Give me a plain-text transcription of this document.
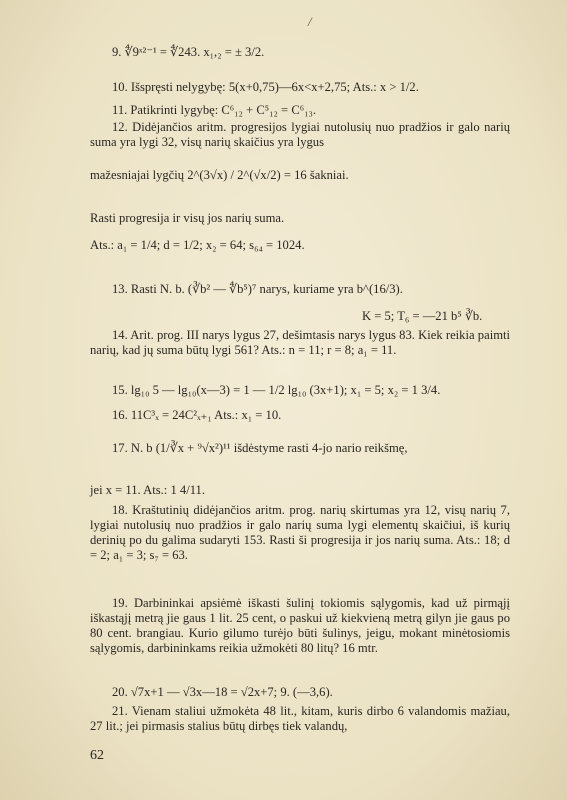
/
9. ∜9ˣ²⁻¹ = ∜243. x₁,₂ = ± 3/2.
10. Išspręsti nelygybę: 5(x+0,75)—6x<x+2,75; Ats.: x > 1/2.
11. Patikrinti lygybę: C⁶₁₂ + C⁵₁₂ = C⁶₁₃.
12. Didėjančios aritm. progresijos lygiai nutolusių nuo pradžios ir galo narių suma yra lygi 32, visų narių skaičius yra lygus
mažesniajai lygčių 2^(3√x) / 2^(√x/2) = 16 šakniai.
Rasti progresija ir visų jos narių suma.
Ats.: a₁ = 1/4; d = 1/2; x₂ = 64; s₆₄ = 1024.
13. Rasti N. b. (∛b² — ∜b⁵)⁷ narys, kuriame yra b^(16/3).
K = 5; T₆ = —21 b⁵ ∛b.
14. Arit. prog. III narys lygus 27, dešimtasis narys lygus 83. Kiek reikia paimti narių, kad jų suma būtų lygi 561? Ats.: n = 11; r = 8; a₁ = 11.
15. lg₁₀ 5 — lg₁₀(x—3) = 1 — 1/2 lg₁₀ (3x+1); x₁ = 5; x₂ = 1 3/4.
16. 11C³ₓ = 24C²ₓ₊₁ Ats.: x₁ = 10.
17. N. b (1/∛x + ⁹√x²)¹¹ išdėstyme rasti 4-jo nario reikšmę,
jei x = 11. Ats.: 1 4/11.
18. Kraštutinių didėjančios aritm. prog. narių skirtumas yra 12, visų narių 7, lygiai nutolusių nuo pradžios ir galo narių suma lygi elementų skaičiui, iš kurių derinių po du galima sudaryti 153. Rasti ši progresija ir jos narių suma. Ats.: 18; d = 2; a₁ = 3; s₇ = 63.
19. Darbininkai apsiėmė iškasti šulinį tokiomis sąlygomis, kad už pirmąjį iškastąjį metrą jie gaus 1 lit. 25 cent, o paskui už kiekvieną metrą gilyn jie gaus po 80 cent. brangiau. Kurio gilumo turėjo būti šulinys, jeigu, mokant minėtosiomis sąlygomis, darbininkams reikia užmokėti 80 litų? 16 mtr.
20. √7x+1 — √3x—18 = √2x+7; 9. (—3,6).
21. Vienam staliui užmokėta 48 lit., kitam, kuris dirbo 6 valandomis mažiau, 27 lit.; jei pirmasis stalius būtų dirbęs tiek valandų,
62
